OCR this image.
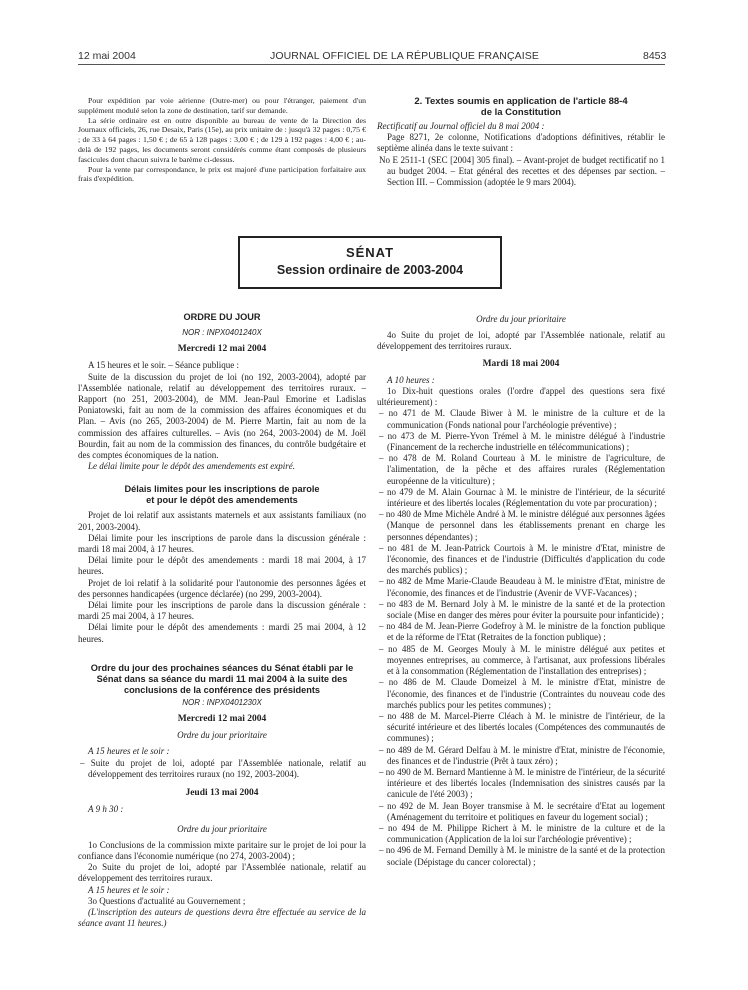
12 mai 2004	JOURNAL OFFICIEL DE LA RÉPUBLIQUE FRANÇAISE	8453

Pour expédition par voie aérienne (Outre-mer) ou pour l'étranger, paiement d'un supplément modulé selon la zone de destination, tarif sur demande.

La série ordinaire est en outre disponible au bureau de vente de la Direction des Journaux officiels, 26, rue Desaix, Paris (15e), au prix unitaire de : jusqu'à 32 pages : 0,75 € ; de 33 à 64 pages : 1,50 € ; de 65 à 128 pages : 3,00 € ; de 129 à 192 pages : 4,00 € ; au-delà de 192 pages, les documents seront considérés comme étant composés de plusieurs fascicules dont chacun suivra le barème ci-dessus.

Pour la vente par correspondance, le prix est majoré d'une participation forfaitaire aux frais d'expédition.

2. Textes soumis en application de l'article 88-4
de la Constitution

Rectificatif au Journal officiel du 8 mai 2004 :

Page 8271, 2e colonne, Notifications d'adoptions définitives, rétablir le septième alinéa dans le texte suivant :

No E 2511-1 (SEC [2004] 305 final). – Avant-projet de budget rectificatif no 1 au budget 2004. – Etat général des recettes et des dépenses par section. – Section III. – Commission (adoptée le 9 mars 2004).

SÉNAT
Session ordinaire de 2003-2004
ORDRE DU JOUR
NOR : INPX0401240X
Mercredi 12 mai 2004

A 15 heures et le soir. – Séance publique :

Suite de la discussion du projet de loi (no 192, 2003-2004), adopté par l'Assemblée nationale, relatif au développement des territoires ruraux. – Rapport (no 251, 2003-2004), de MM. Jean-Paul Emorine et Ladislas Poniatowski, fait au nom de la commission des affaires économiques et du Plan. – Avis (no 265, 2003-2004) de M. Pierre Martin, fait au nom de la commission des affaires culturelles. – Avis (no 264, 2003-2004) de M. Joël Bourdin, fait au nom de la commission des finances, du contrôle budgétaire et des comptes économiques de la nation.

Le délai limite pour le dépôt des amendements est expiré.

Délais limites pour les inscriptions de parole
et pour le dépôt des amendements

Projet de loi relatif aux assistants maternels et aux assistants familiaux (no 201, 2003-2004).

Délai limite pour les inscriptions de parole dans la discussion générale : mardi 18 mai 2004, à 17 heures.

Délai limite pour le dépôt des amendements : mardi 18 mai 2004, à 17 heures.

Projet de loi relatif à la solidarité pour l'autonomie des personnes âgées et des personnes handicapées (urgence déclarée) (no 299, 2003-2004).

Délai limite pour les inscriptions de parole dans la discussion générale : mardi 25 mai 2004, à 17 heures.

Délai limite pour le dépôt des amendements : mardi 25 mai 2004, à 12 heures.

Ordre du jour des prochaines séances du Sénat établi par le Sénat dans sa séance du mardi 11 mai 2004 à la suite des conclusions de la conférence des présidents
NOR : INPX0401230X
Mercredi 12 mai 2004
Ordre du jour prioritaire

A 15 heures et le soir :

– Suite du projet de loi, adopté par l'Assemblée nationale, relatif au développement des territoires ruraux (no 192, 2003-2004).

Jeudi 13 mai 2004

A 9 h 30 :

Ordre du jour prioritaire

1o Conclusions de la commission mixte paritaire sur le projet de loi pour la confiance dans l'économie numérique (no 274, 2003-2004) ;

2o Suite du projet de loi, adopté par l'Assemblée nationale, relatif au développement des territoires ruraux.

A 15 heures et le soir :

3o Questions d'actualité au Gouvernement ;

(L'inscription des auteurs de questions devra être effectuée au service de la séance avant 11 heures.)

Ordre du jour prioritaire

4o Suite du projet de loi, adopté par l'Assemblée nationale, relatif au développement des territoires ruraux.

Mardi 18 mai 2004

A 10 heures :

1o Dix-huit questions orales (l'ordre d'appel des questions sera fixé ultérieurement) :

– no 471 de M. Claude Biwer à M. le ministre de la culture et de la communication (Fonds national pour l'archéologie préventive) ;

– no 473 de M. Pierre-Yvon Trémel à M. le ministre délégué à l'industrie (Financement de la recherche industrielle en télécommunications) ;

– no 478 de M. Roland Courteau à M. le ministre de l'agriculture, de l'alimentation, de la pêche et des affaires rurales (Réglementation européenne de la viticulture) ;

– no 479 de M. Alain Gournac à M. le ministre de l'intérieur, de la sécurité intérieure et des libertés locales (Réglementation du vote par procuration) ;

– no 480 de Mme Michèle André à M. le ministre délégué aux personnes âgées (Manque de personnel dans les établissements prenant en charge les personnes dépendantes) ;

– no 481 de M. Jean-Patrick Courtois à M. le ministre d'Etat, ministre de l'économie, des finances et de l'industrie (Difficultés d'application du code des marchés publics) ;

– no 482 de Mme Marie-Claude Beaudeau à M. le ministre d'Etat, ministre de l'économie, des finances et de l'industrie (Avenir de VVF-Vacances) ;

– no 483 de M. Bernard Joly à M. le ministre de la santé et de la protection sociale (Mise en danger des mères pour éviter la poursuite pour infanticide) ;

– no 484 de M. Jean-Pierre Godefroy à M. le ministre de la fonction publique et de la réforme de l'Etat (Retraites de la fonction publique) ;

– no 485 de M. Georges Mouly à M. le ministre délégué aux petites et moyennes entreprises, au commerce, à l'artisanat, aux professions libérales et à la consommation (Réglementation de l'installation des entreprises) ;

– no 486 de M. Claude Domeizel à M. le ministre d'Etat, ministre de l'économie, des finances et de l'industrie (Contraintes du nouveau code des marchés publics pour les petites communes) ;

– no 488 de M. Marcel-Pierre Cléach à M. le ministre de l'intérieur, de la sécurité intérieure et des libertés locales (Compétences des communautés de communes) ;

– no 489 de M. Gérard Delfau à M. le ministre d'Etat, ministre de l'économie, des finances et de l'industrie (Prêt à taux zéro) ;

– no 490 de M. Bernard Mantienne à M. le ministre de l'intérieur, de la sécurité intérieure et des libertés locales (Indemnisation des sinistres causés par la canicule de l'été 2003) ;

– no 492 de M. Jean Boyer transmise à M. le secrétaire d'Etat au logement (Aménagement du territoire et politiques en faveur du logement social) ;

– no 494 de M. Philippe Richert à M. le ministre de la culture et de la communication (Application de la loi sur l'archéologie préventive) ;

– no 496 de M. Fernand Demilly à M. le ministre de la santé et de la protection sociale (Dépistage du cancer colorectal) ;
